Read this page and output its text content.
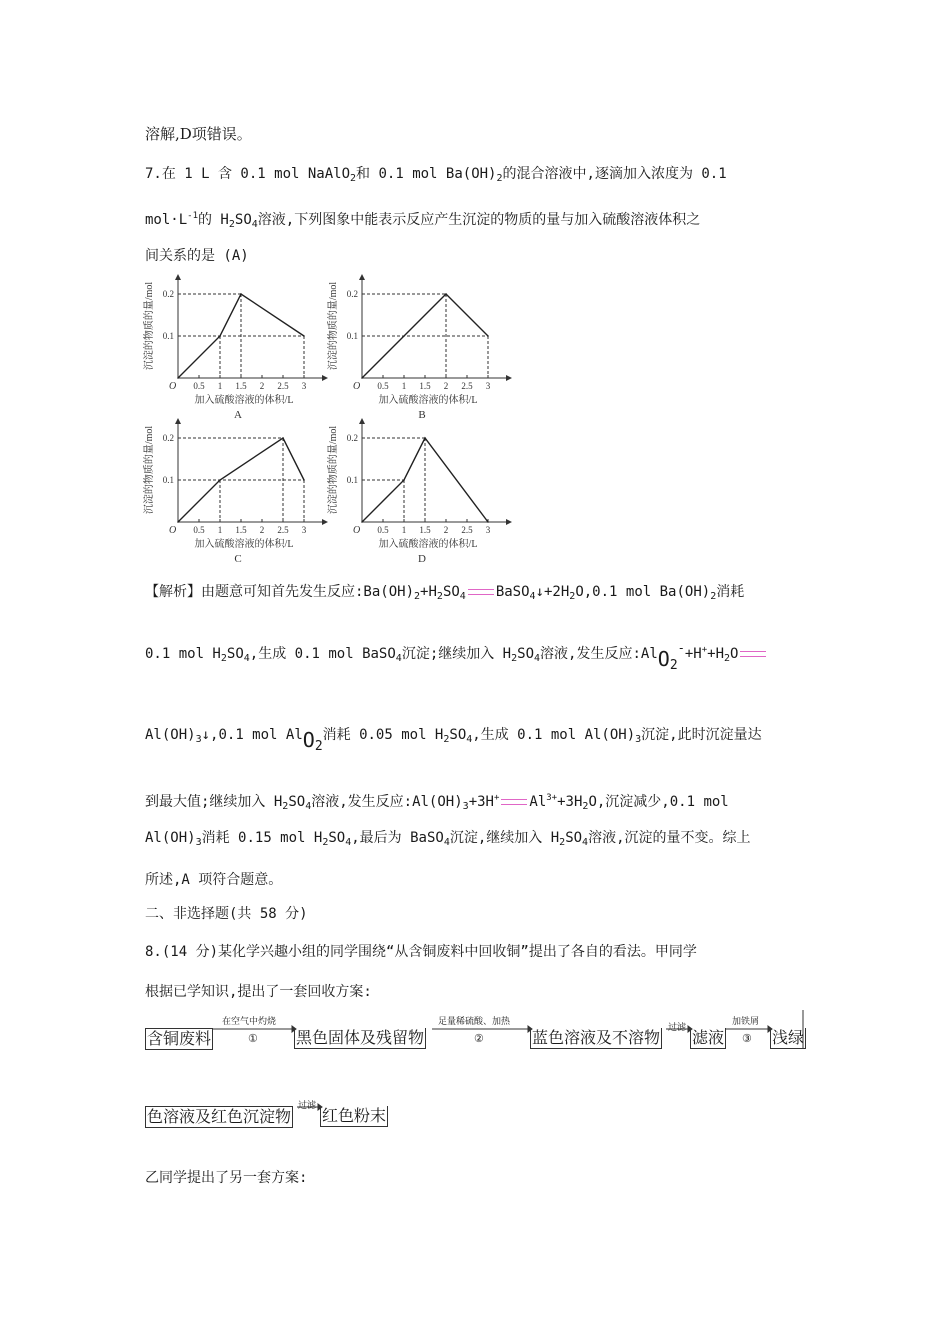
溶解,D项错误。
7.在 1 L 含 0.1 mol NaAlO$_2$和 0.1 mol $Ba(OH)_2$的混合溶液中,逐滴加入浓度为 0.1
$mol\cdot L^{-1}$的 $H_2SO_4$溶液,下列图象中能表示反应产生沉淀的物质的量与加入硫酸溶液体积之
间关系的是 (A)
O 0.5 1 1.5 2 2.5 3
0.1
0.2
沉淀的物质的量/mol
加入硫酸溶液的体积/L
A
O 0.5 1 1.5 2 2.5 3
0.1
0.2
沉淀的物质的量/mol
加入硫酸溶液的体积/L
B
O 0.5 1 1.5 2 2.5 3
0.1
0.2
沉淀的物质的量/mol
加入硫酸溶液的体积/L
C
O 0.5 1 1.5 2 2.5 3
0.1
0.2
沉淀的物质的量/mol
加入硫酸溶液的体积/L
D
【解析】由题意可知首先发生反应$:Ba(OH)_2+H_2SO_4$ $BaSO_4↓+2H_2O,0.1$ mol $Ba(OH)_2$消耗
0.1 mol $H_2SO_4$,生成 0.1 mol BaSO$_4$沉淀;继续加入 $H_2SO_4$溶液,发生反应$:AlO_2-+H^++H_2O$
$Al(OH)_3↓,0.1$ mol AlO$_2$消耗 0.05 mol $H_2SO_4$,生成 0.1 mol $Al(OH)_3$沉淀,此时沉淀量达
到最大值;继续加入 $H_2SO_4$溶液,发生反应$:Al(OH)_3+3H^+$ $Al^{3+}+3H_2O$,沉淀减少,0.1 mol
$Al(OH)_3$消耗 0.15 mol $H_2SO_4$,最后为 BaSO$_4$沉淀,继续加入 $H_2SO_4$溶液,沉淀的量不变。综上
所述,A 项符合题意。
二、非选择题(共 58 分)
8.(14 分)某化学兴趣小组的同学围绕“从含铜废料中回收铜”提出了各自的看法。甲同学
根据已学知识,提出了一套回收方案:
含铜废料
在空气中灼烧
① 黑色固体及残留物
足量稀硫酸、加热
②	蓝色溶液及不溶物
过滤
滤液
加铁屑
③ 浅绿
色溶液及红色沉淀物
过滤
红色粉末
乙同学提出了另一套方案:
